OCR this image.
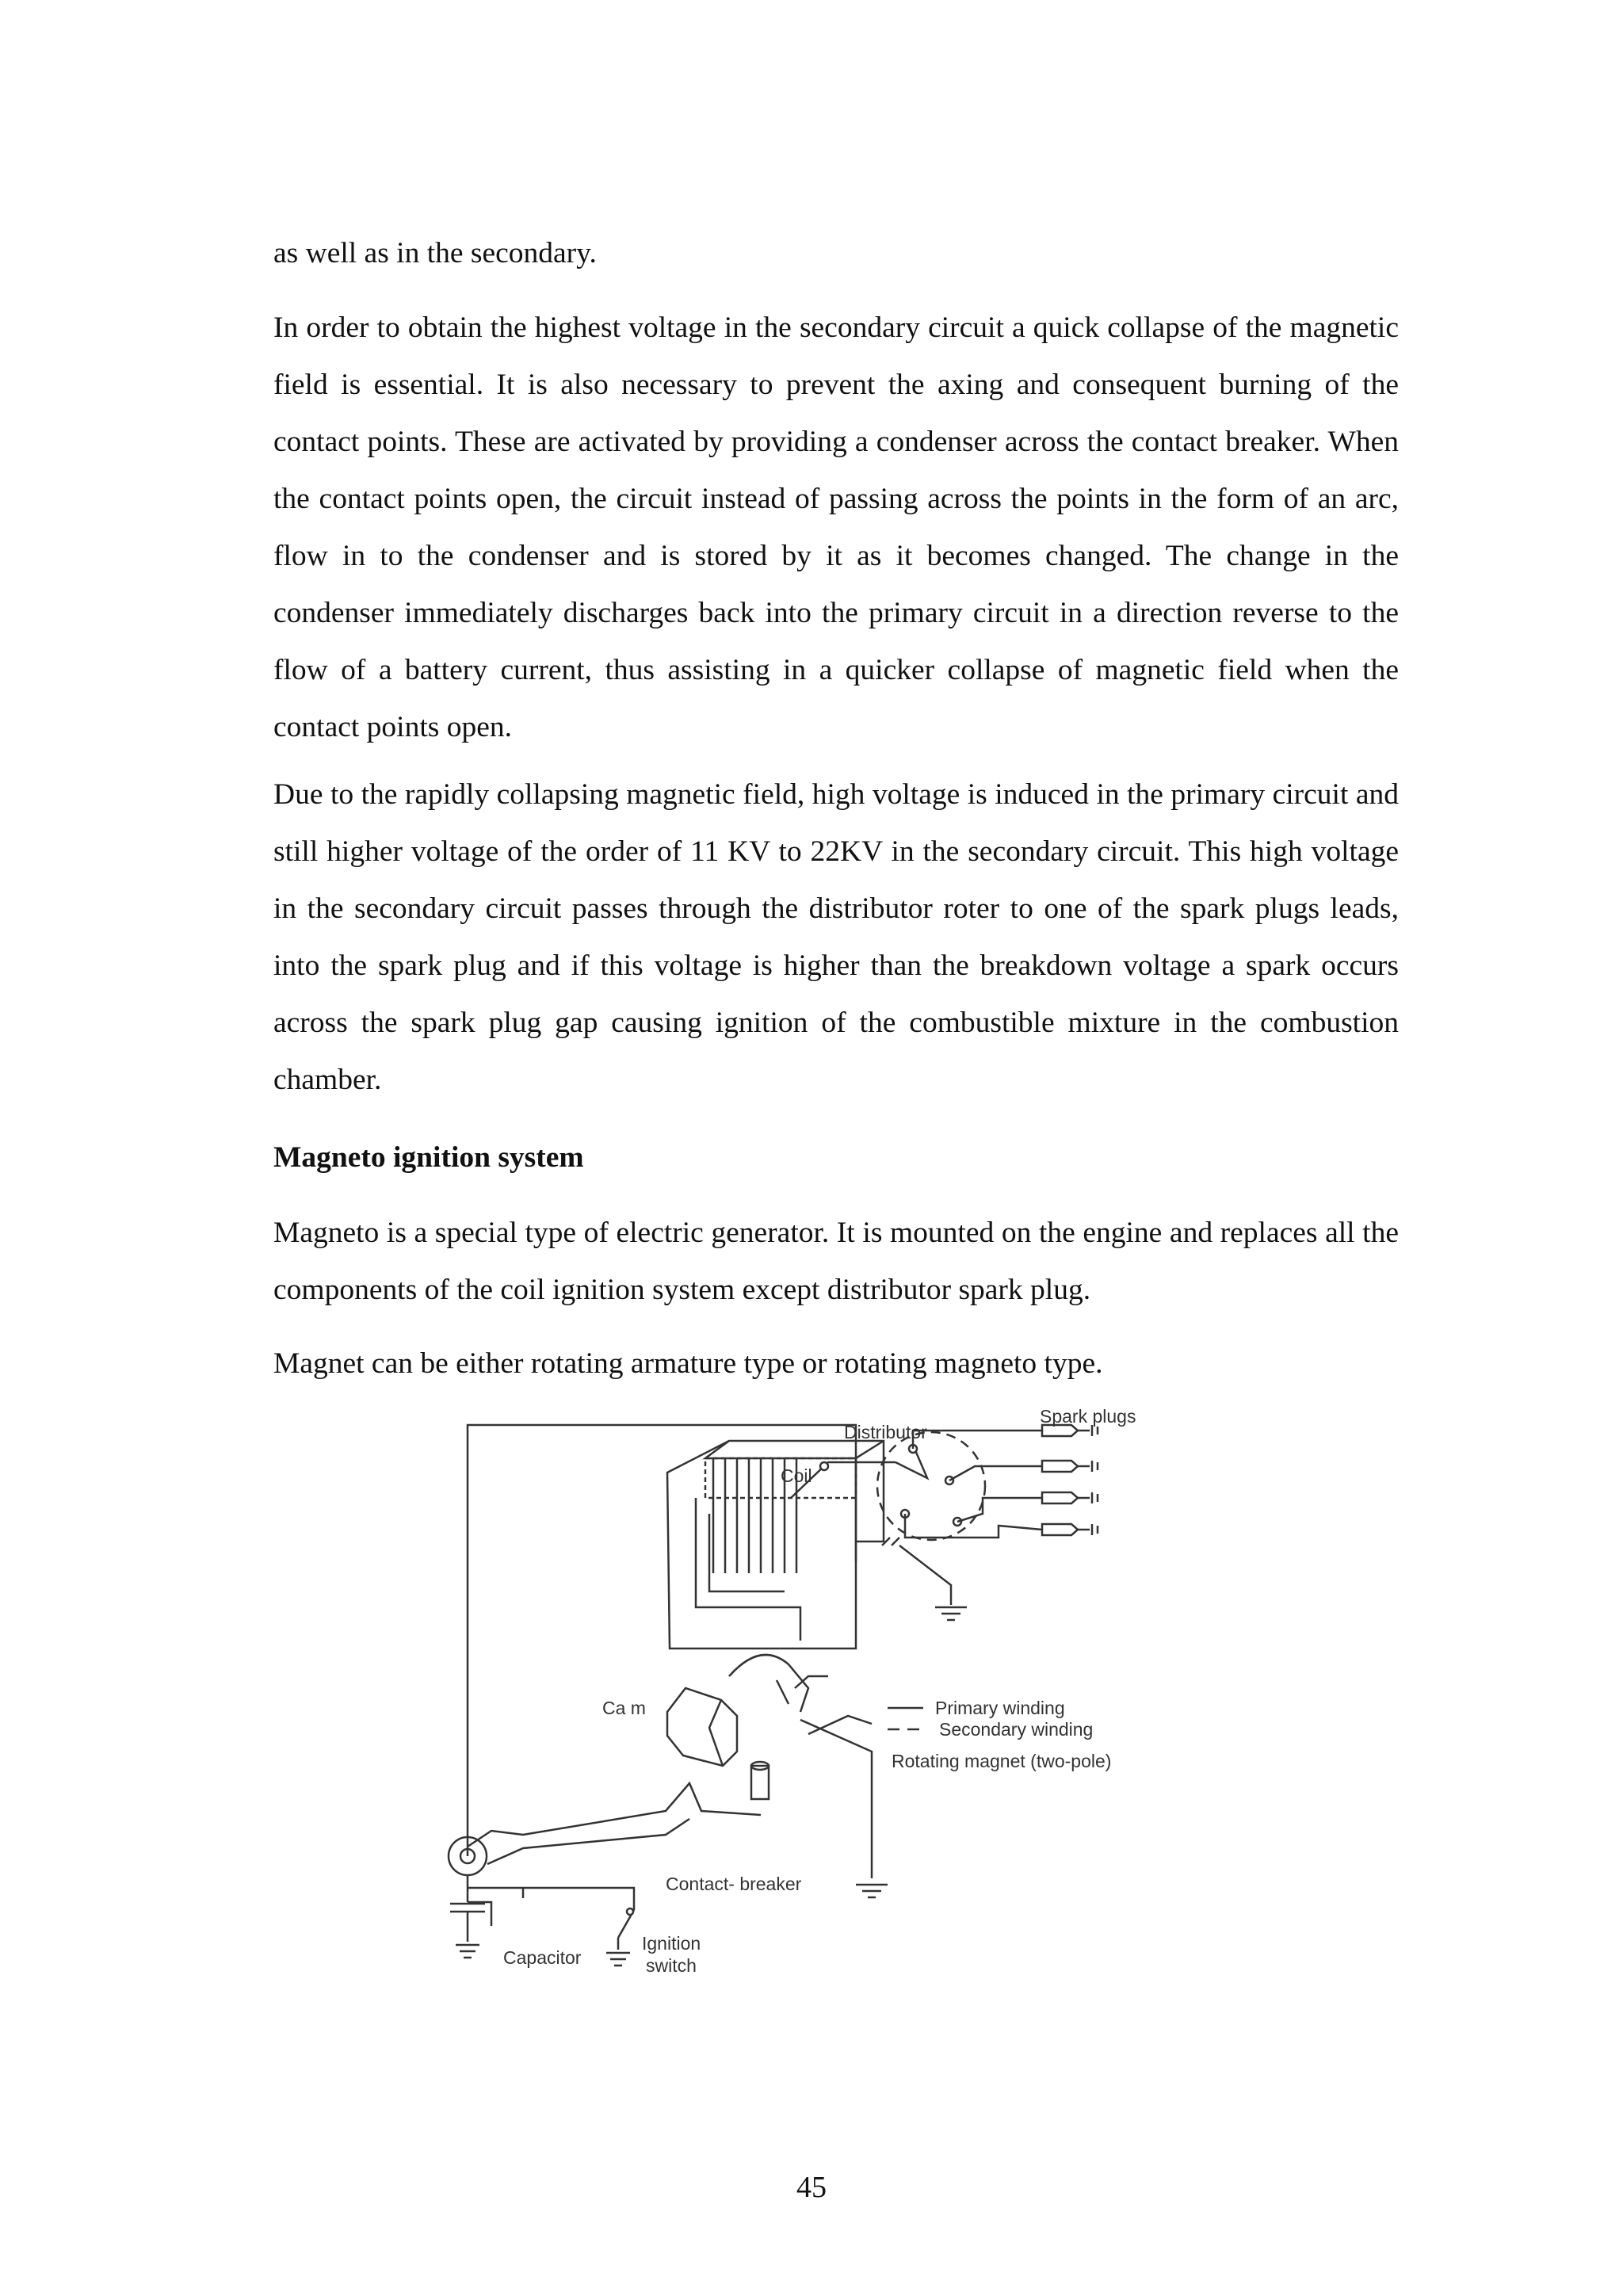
as well as in the secondary.

In order to obtain the highest voltage in the secondary circuit a quick collapse of the magnetic field is essential. It is also necessary to prevent the axing and consequent burning of the contact points. These are activated by providing a condenser across the contact breaker. When the contact points open, the circuit instead of passing across the points in the form of an arc, flow in to the condenser and is stored by it as it becomes changed. The change in the condenser immediately discharges back into the primary circuit in a direction reverse to the flow of a battery current, thus assisting in a quicker collapse of magnetic field when the contact points open.

Due to the rapidly collapsing magnetic field, high voltage is induced in the primary circuit and still higher voltage of the order of 11 KV to 22KV in the secondary circuit. This high voltage in the secondary circuit passes through the distributor roter to one of the spark plugs leads, into the spark plug and if this voltage is higher than the breakdown voltage a spark occurs across the spark plug gap causing ignition of the combustible mixture in the combustion chamber.

Magneto ignition system

Magneto is a special type of electric generator. It is mounted on the engine and replaces all the components of the coil ignition system except distributor spark plug.

Magnet can be either rotating armature type or rotating magneto type.

Distributor
Spark plugs
Coil
Ca m	Primary winding
Secondary winding
Rotating magnet (two-pole)
Contact- breaker
Capacitor
Ignition
switch
45
